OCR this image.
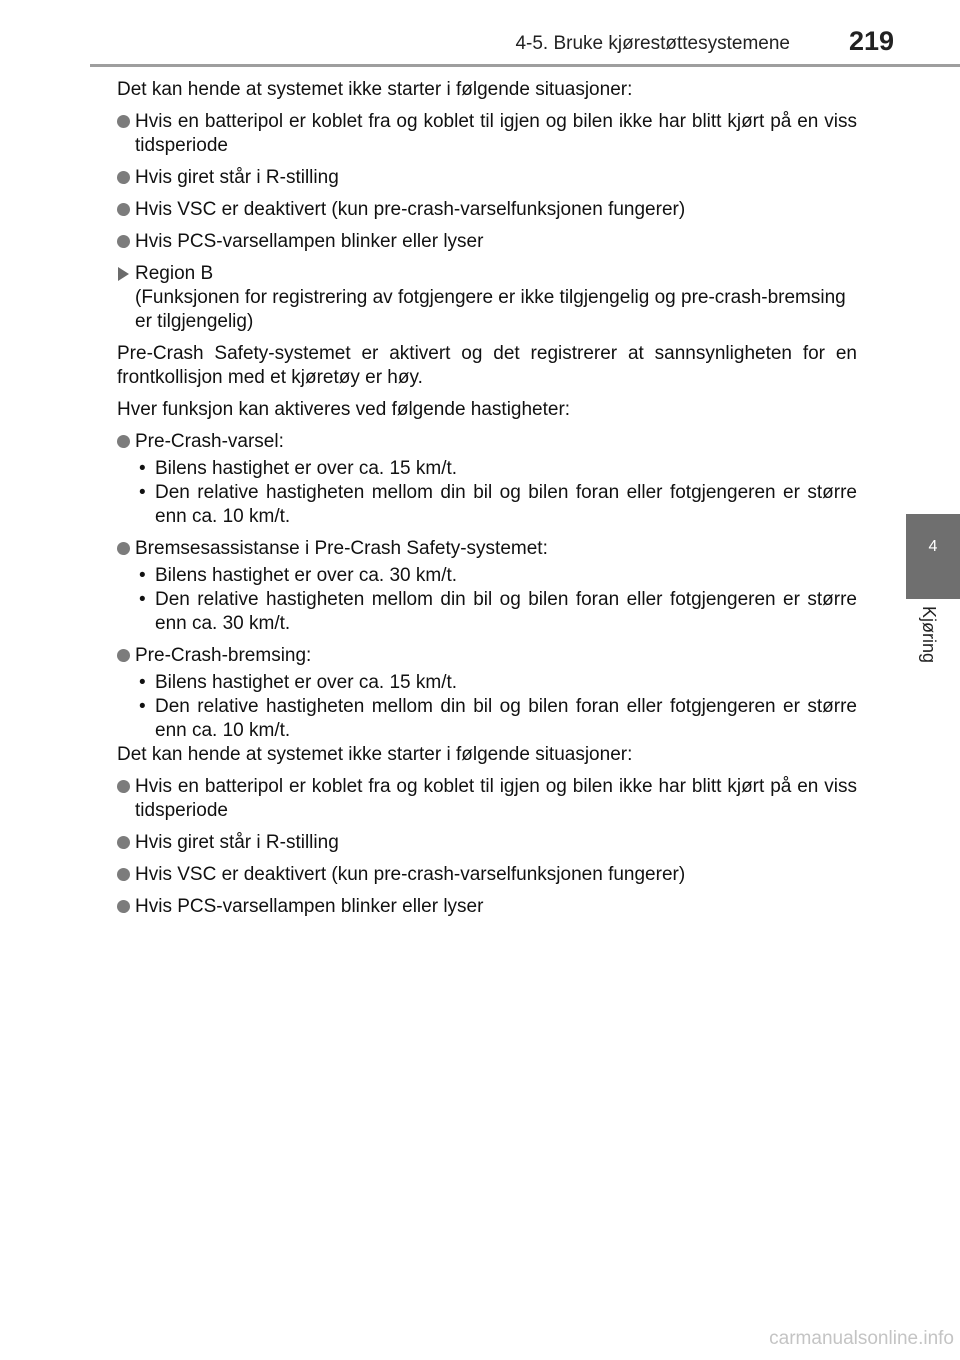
4-5. Bruke kjørestøttesystemene 219
4
Kjøring

Det kan hende at systemet ikke starter i følgende situasjoner:

Hvis en batteripol er koblet fra og koblet til igjen og bilen ikke har blitt kjørt på en viss tidsperiode
Hvis giret står i R-stilling
Hvis VSC er deaktivert (kun pre-crash-varselfunksjonen fungerer)
Hvis PCS-varsellampen blinker eller lyser
Region B
(Funksjonen for registrering av fotgjengere er ikke tilgjengelig og pre-crash-bremsing er tilgjengelig)

Pre-Crash Safety-systemet er aktivert og det registrerer at sannsynligheten for en frontkollisjon med et kjøretøy er høy.

Hver funksjon kan aktiveres ved følgende hastigheter:

Pre-Crash-varsel:
• Bilens hastighet er over ca. 15 km/t.
• Den relative hastigheten mellom din bil og bilen foran eller fotgjengeren er større enn ca. 10 km/t.
Bremsesassistanse i Pre-Crash Safety-systemet:
• Bilens hastighet er over ca. 30 km/t.
• Den relative hastigheten mellom din bil og bilen foran eller fotgjengeren er større enn ca. 30 km/t.
Pre-Crash-bremsing:
• Bilens hastighet er over ca. 15 km/t.
• Den relative hastigheten mellom din bil og bilen foran eller fotgjengeren er større enn ca. 10 km/t.

Det kan hende at systemet ikke starter i følgende situasjoner:

Hvis en batteripol er koblet fra og koblet til igjen og bilen ikke har blitt kjørt på en viss tidsperiode
Hvis giret står i R-stilling
Hvis VSC er deaktivert (kun pre-crash-varselfunksjonen fungerer)
Hvis PCS-varsellampen blinker eller lyser
carmanualsonline.info
